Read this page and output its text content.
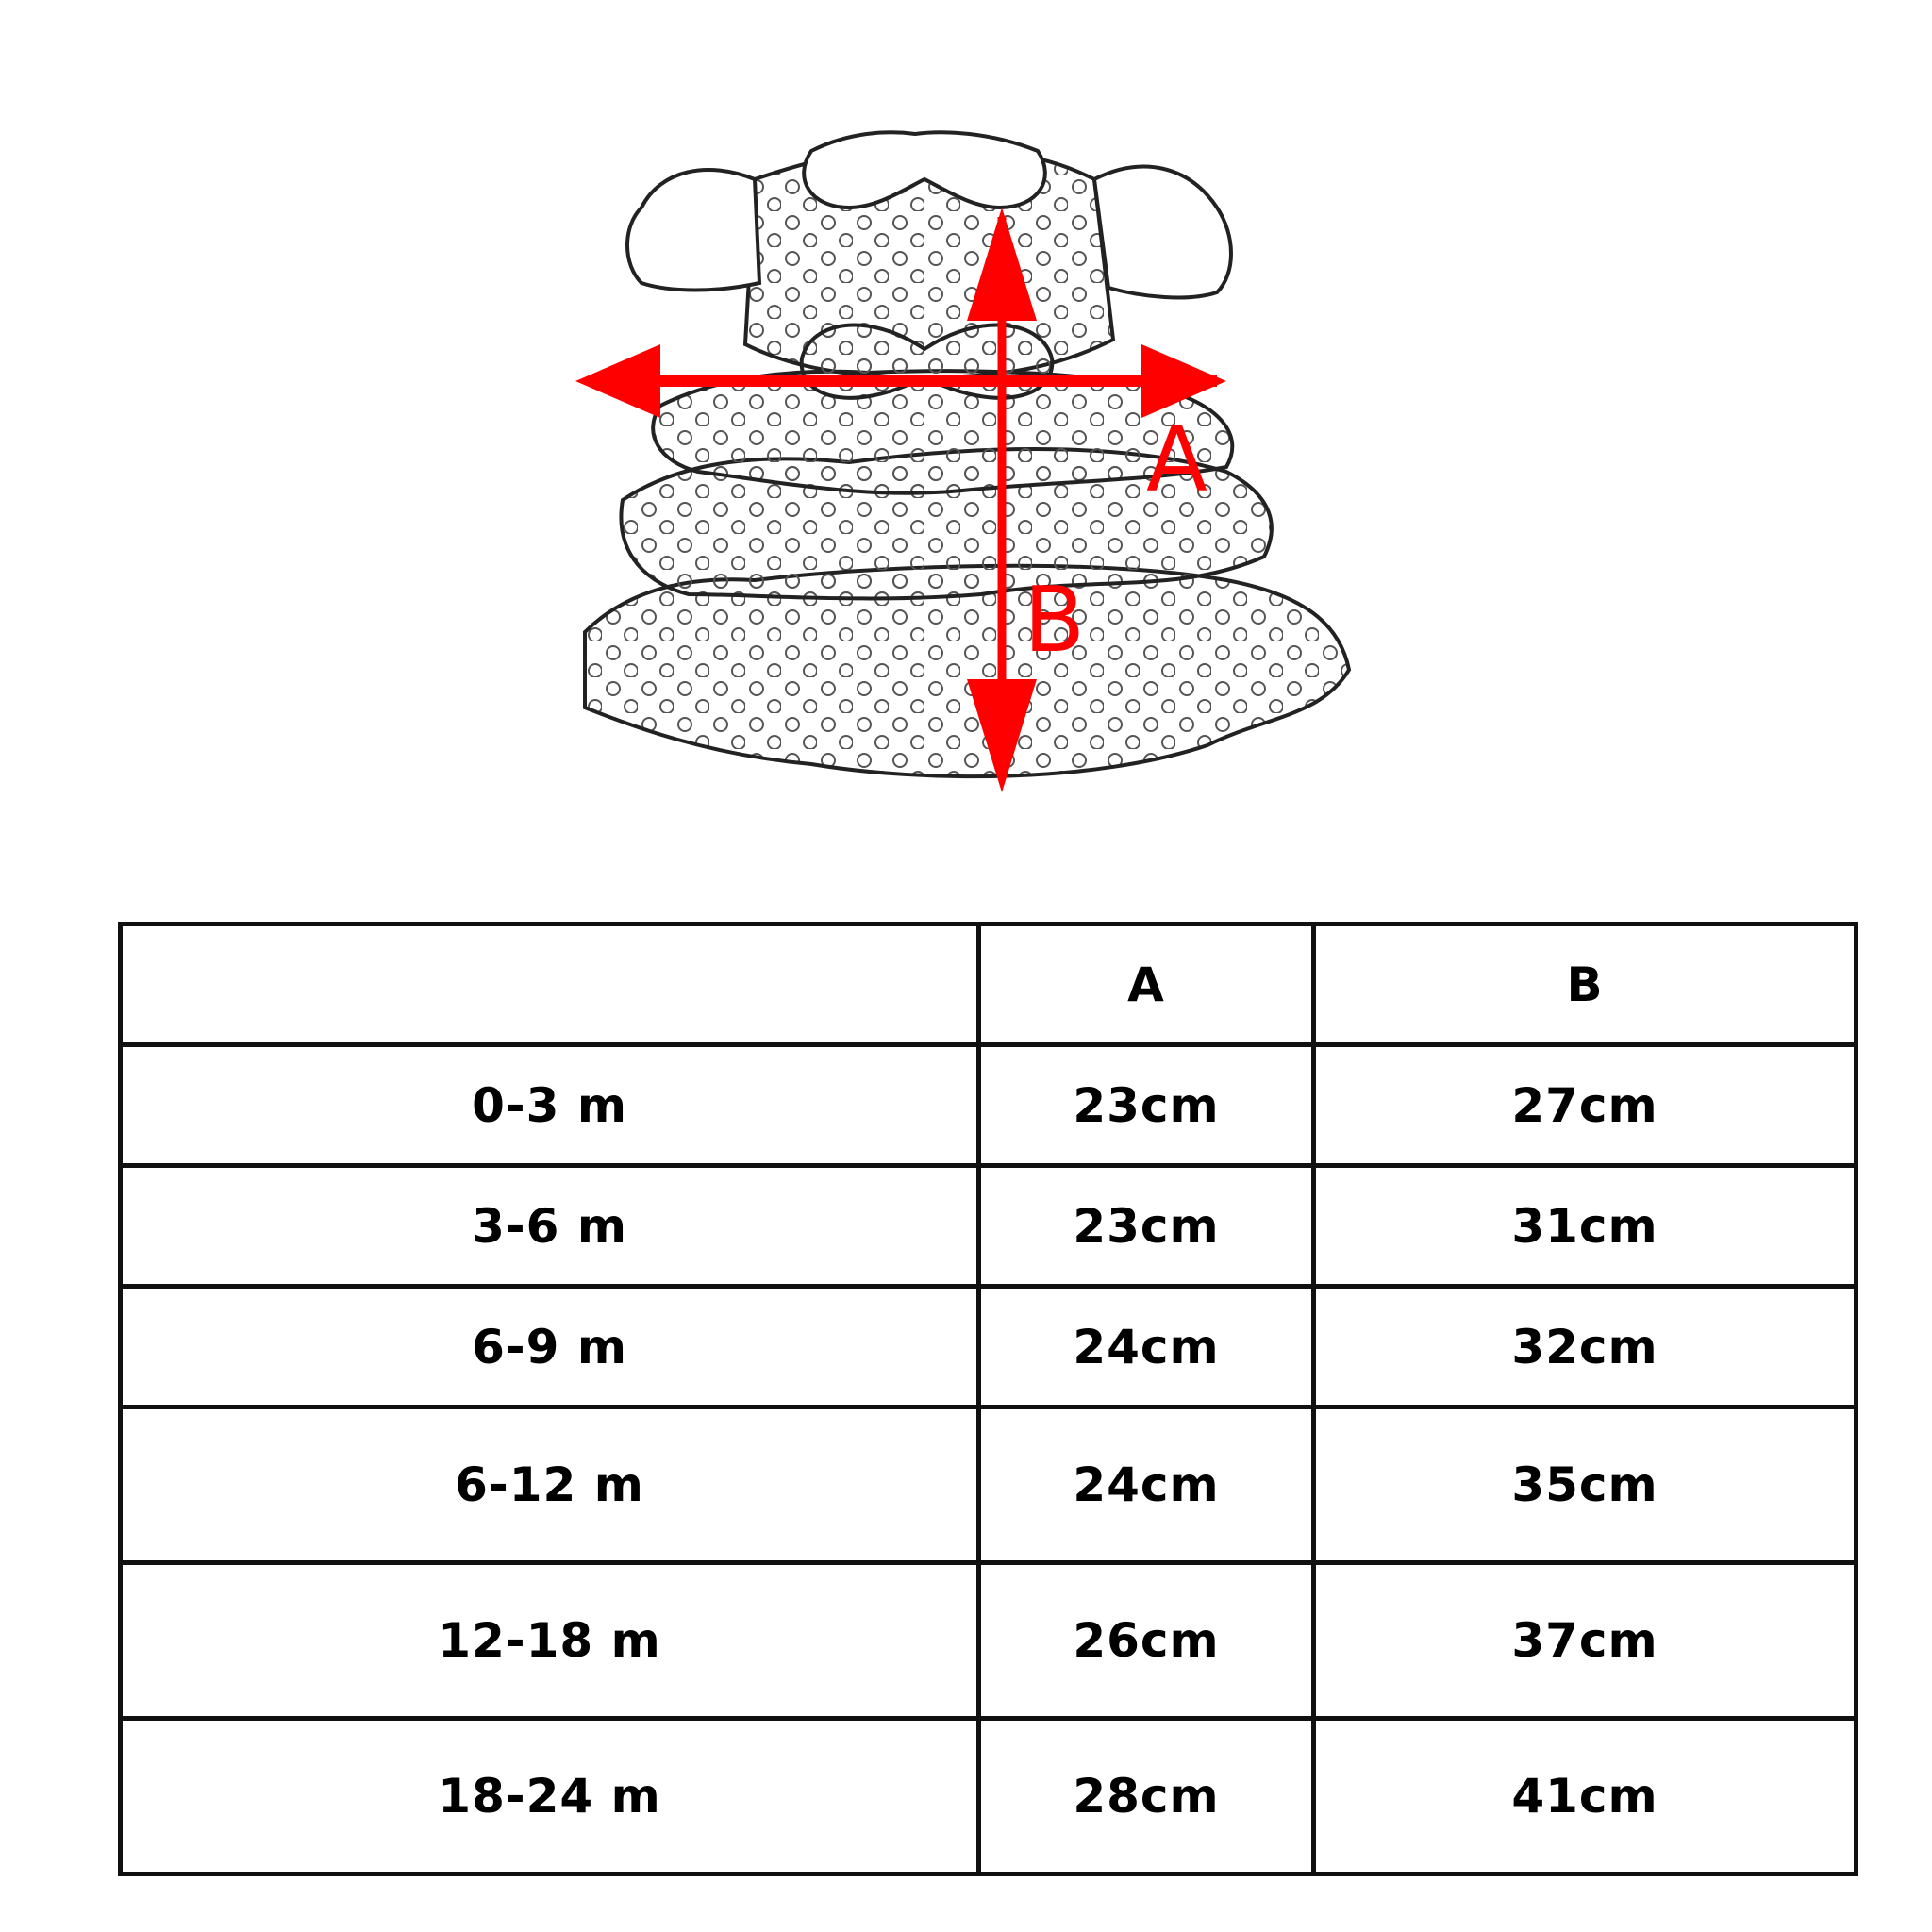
A
B
	A	B
0-3 m	23cm	27cm
3-6 m	23cm	31cm
6-9 m	24cm	32cm
6-12 m	24cm	35cm
12-18 m	26cm	37cm
18-24 m	28cm	41cm
